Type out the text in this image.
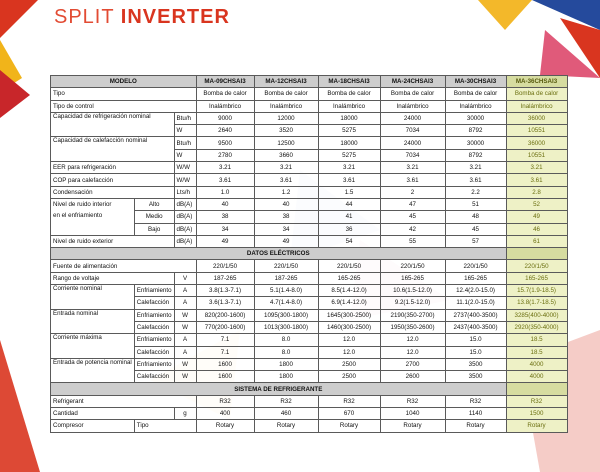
SPLIT INVERTER
MODELO			MA-09CHSAI3	MA-12CHSAI3	MA-18CHSAI3	MA-24CHSAI3	MA-30CHSAI3	MA-36CHSAI3
Tipo			Bomba de calor	Bomba de calor	Bomba de calor	Bomba de calor	Bomba de calor	Bomba de calor
Tipo de control			Inalámbrico	Inalámbrico	Inalámbrico	Inalámbrico	Inalámbrico	Inalámbrico
Capacidad de refrigeración nominal		Btu/h	9000	12000	18000	24000	30000	36000
		W	2640	3520	5275	7034	8792	10551
Capacidad de calefacción nominal		Btu/h	9500	12500	18000	24000	30000	36000
		W	2780	3660	5275	7034	8792	10551
EER para refrigeración		W/W	3.21	3.21	3.21	3.21	3.21	3.21
COP para calefacción		W/W	3.61	3.61	3.61	3.61	3.61	3.61
Condensación		Lts/h	1.0	1.2	1.5	2	2.2	2.8

Nivel de ruido interior
en el enfriamiento	Alto	dB(A)	40	40	44	47	51	52
	Medio	dB(A)	38	38	41	45	48	49
	Bajo	dB(A)	34	34	36	42	45	46
Nivel de ruido exterior		dB(A)	49	49	54	55	57	61
DATOS ELÉCTRICOS								
Fuente de alimentación			220/1/50	220/1/50	220/1/50	220/1/50	220/1/50	220/1/50
Rango de voltaje		V	187-265	187-265	165-265	165-265	165-265	165-265
Corriente nominal	Enfriamiento	A	3.8(1.3-7.1)	5.1(1.4-8.0)	8.5(1.4-12.0)	10.6(1.5-12.0)	12.4(2.0-15.0)	15.7(1.9-18.5)
	Calefacción	A	3.6(1.3-7.1)	4.7(1.4-8.0)	6.9(1.4-12.0)	9.2(1.5-12.0)	11.1(2.0-15.0)	13.8(1.7-18.5)
Entrada nominal	Enfriamiento	W	820(200-1600)	1095(300-1800)	1645(300-2500)	2190(350-2700)	2737(400-3500)	3285(400-4000)
	Calefacción	W	770(200-1600)	1013(300-1800)	1460(300-2500)	1950(350-2600)	2437(400-3500)	2920(350-4000)
Corriente máxima	Enfriamiento	A	7.1	8.0	12.0	12.0	15.0	18.5
	Calefacción	A	7.1	8.0	12.0	12.0	15.0	18.5
Entrada de potencia nominal	Enfriamiento	W	1600	1800	2500	2700	3500	4000
	Calefacción	W	1600	1800	2500	2600	3500	4000
SISTEMA DE REFRIGERANTE								
Refrigerant			R32	R32	R32	R32	R32	R32
Cantidad		g	400	460	670	1040	1140	1500
Compresor	Tipo		Rotary	Rotary	Rotary	Rotary	Rotary	Rotary
